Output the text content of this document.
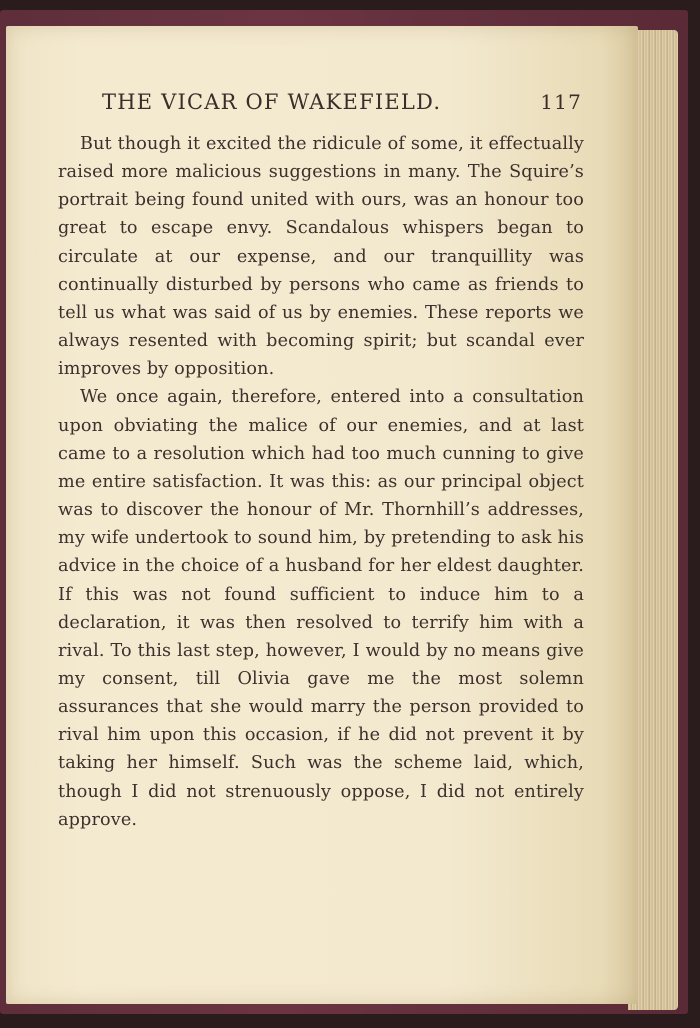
THE VICAR OF WAKEFIELD.	117

But though it excited the ridicule of some, it effectually raised more malicious suggestions in many. The Squire’s portrait being found united with ours, was an honour too great to escape envy. Scandalous whispers began to circulate at our expense, and our tranquillity was continually disturbed by persons who came as friends to tell us what was said of us by enemies. These reports we always resented with becoming spirit; but scandal ever improves by opposition.

We once again, therefore, entered into a consultation upon obviating the malice of our enemies, and at last came to a resolution which had too much cunning to give me entire satisfaction. It was this: as our principal object was to discover the honour of Mr. Thornhill’s addresses, my wife undertook to sound him, by pretending to ask his advice in the choice of a husband for her eldest daughter. If this was not found sufficient to induce him to a declaration, it was then resolved to terrify him with a rival. To this last step, however, I would by no means give my consent, till Olivia gave me the most solemn assurances that she would marry the person provided to rival him upon this occasion, if he did not prevent it by taking her himself. Such was the scheme laid, which, though I did not strenuously oppose, I did not entirely approve.
